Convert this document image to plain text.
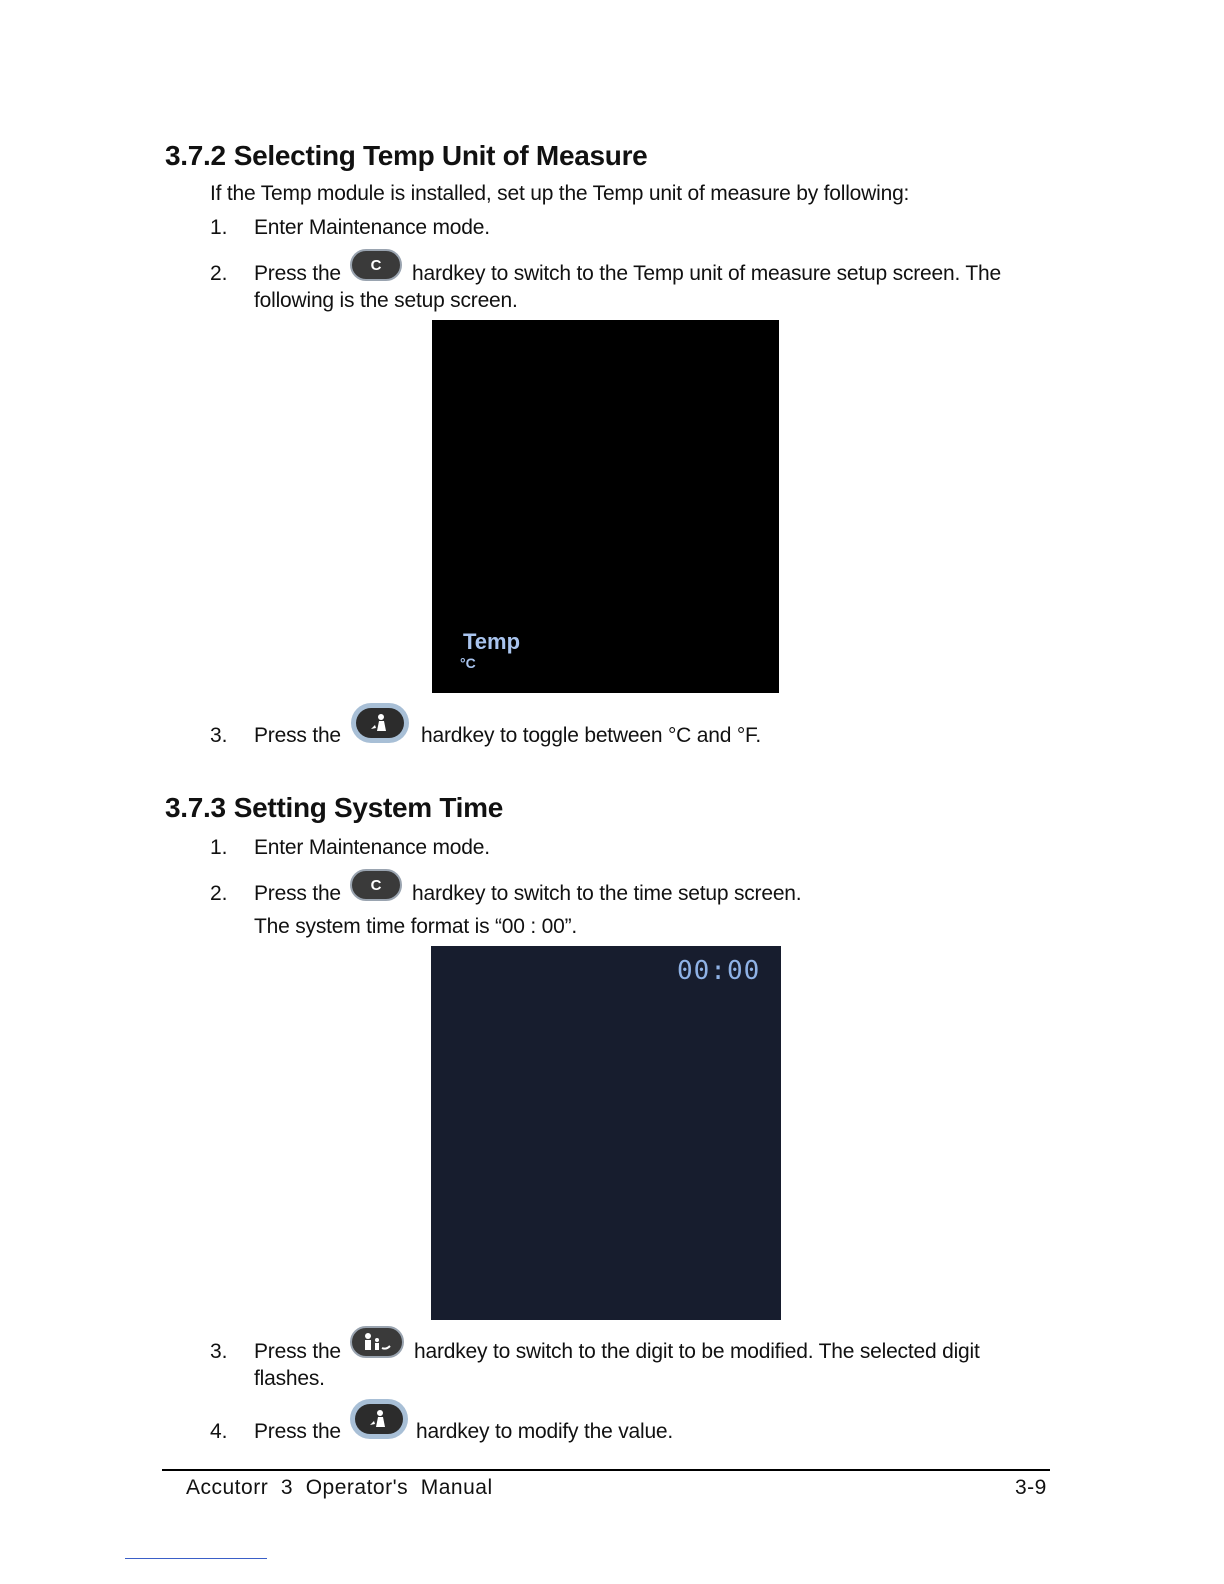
3.7.2 Selecting Temp Unit of Measure
If the Temp module is installed, set up the Temp unit of measure by following:
1. Enter Maintenance mode.
2. Press the C hardkey to switch to the Temp unit of measure setup screen. The
following is the setup screen.
Temp
°C
3. Press the	hardkey to toggle between °C and °F.
3.7.3 Setting System Time
1. Enter Maintenance mode.
2. Press the C hardkey to switch to the time setup screen.
The system time format is “00 : 00”.
00:00
3. Press the	hardkey to switch to the digit to be modified. The selected digit
flashes.
4. Press the	hardkey to modify the value.
Accutorr  3  Operator's  Manual	3-9
